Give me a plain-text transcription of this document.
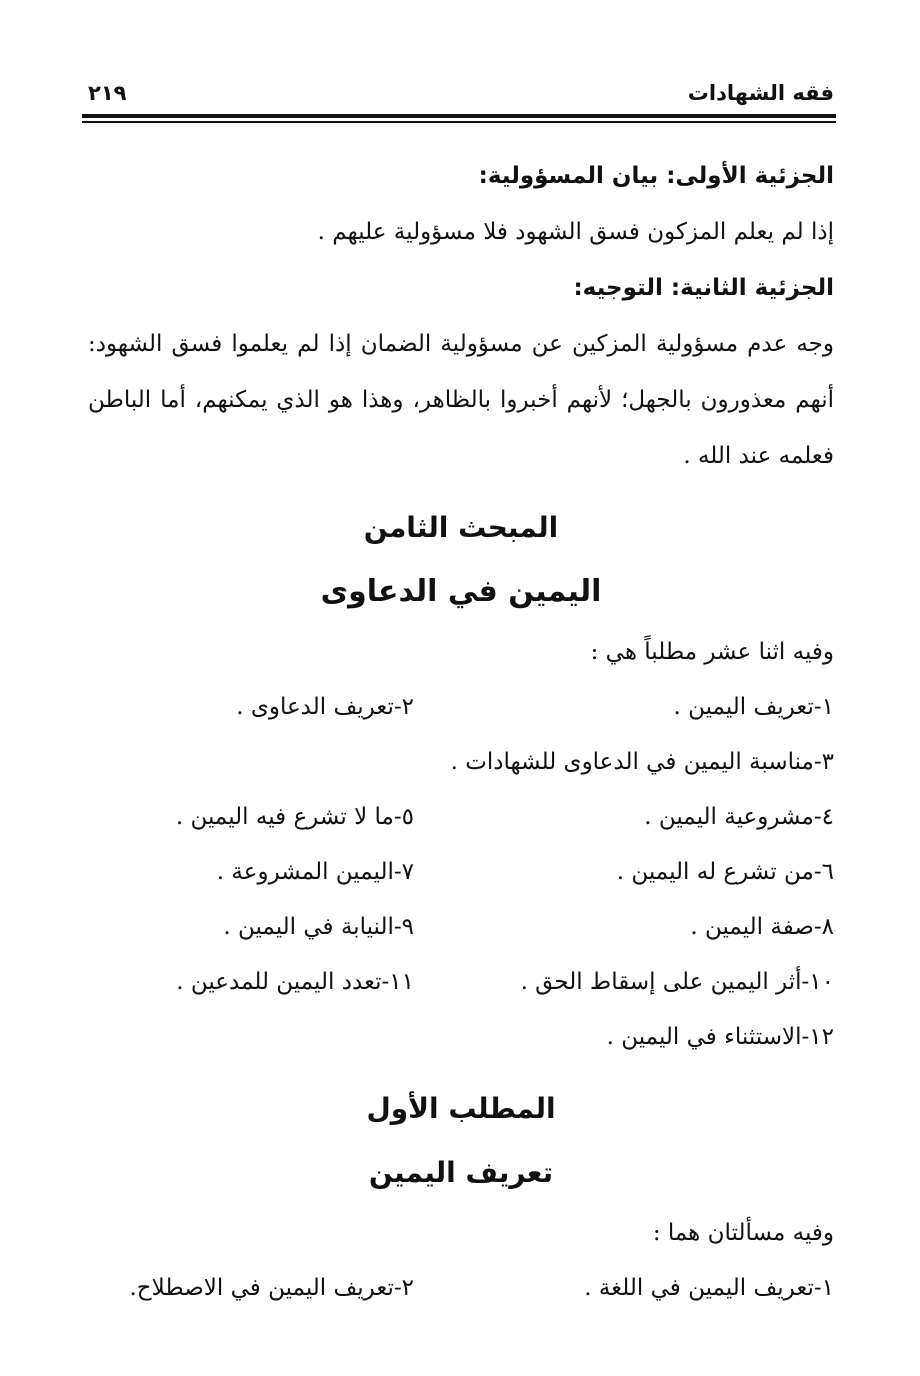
فقه الشهادات
٢١٩

الجزئية الأولى: بيان المسؤولية:

إذا لم يعلم المزكون فسق الشهود فلا مسؤولية عليهم .

الجزئية الثانية: التوجيه:

وجه عدم مسؤولية المزكين عن مسؤولية الضمان إذا لم يعلموا فسق الشهود: أنهم معذورون بالجهل؛ لأنهم أخبروا بالظاهر، وهذا هو الذي يمكنهم، أما الباطن فعلمه عند الله .

المبحث الثامن

اليمين في الدعاوى

وفيه اثنا عشر مطلباً هي :

١-تعريف اليمين .
٢-تعريف الدعاوى .
٣-مناسبة اليمين في الدعاوى للشهادات .
٤-مشروعية اليمين .
٥-ما لا تشرع فيه اليمين .
٦-من تشرع له اليمين .
٧-اليمين المشروعة .
٨-صفة اليمين .
٩-النيابة في اليمين .
١٠-أثر اليمين على إسقاط الحق .
١١-تعدد اليمين للمدعين .
١٢-الاستثناء في اليمين .

المطلب الأول

تعريف اليمين

وفيه مسألتان هما :

١-تعريف اليمين في اللغة .
٢-تعريف اليمين في الاصطلاح.
